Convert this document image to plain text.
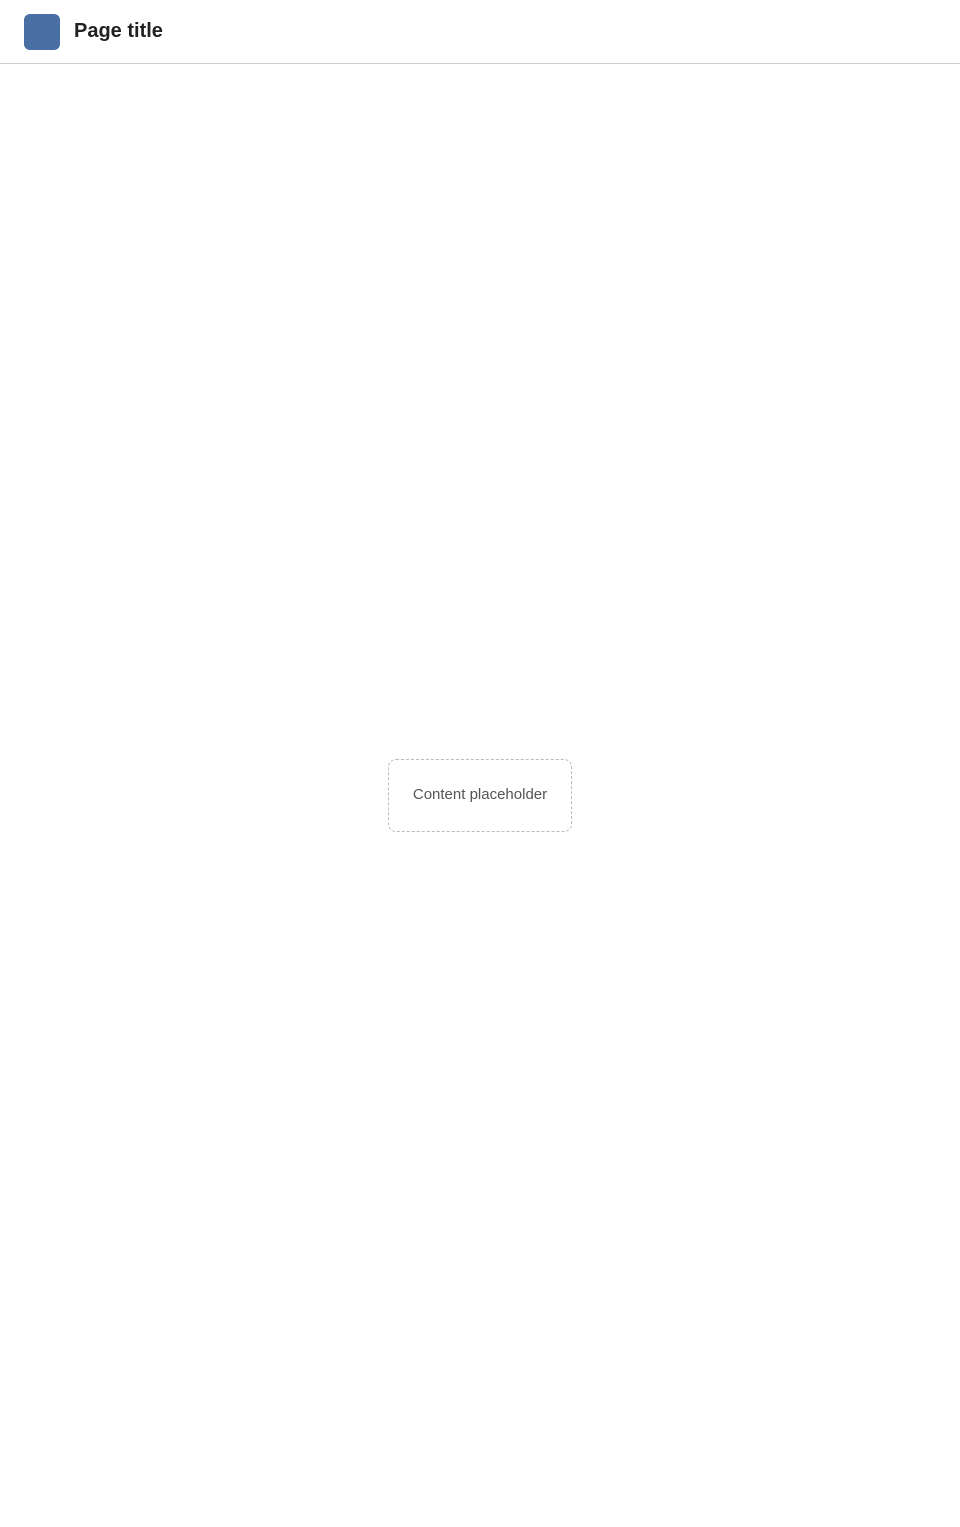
Page title

Content placeholder
